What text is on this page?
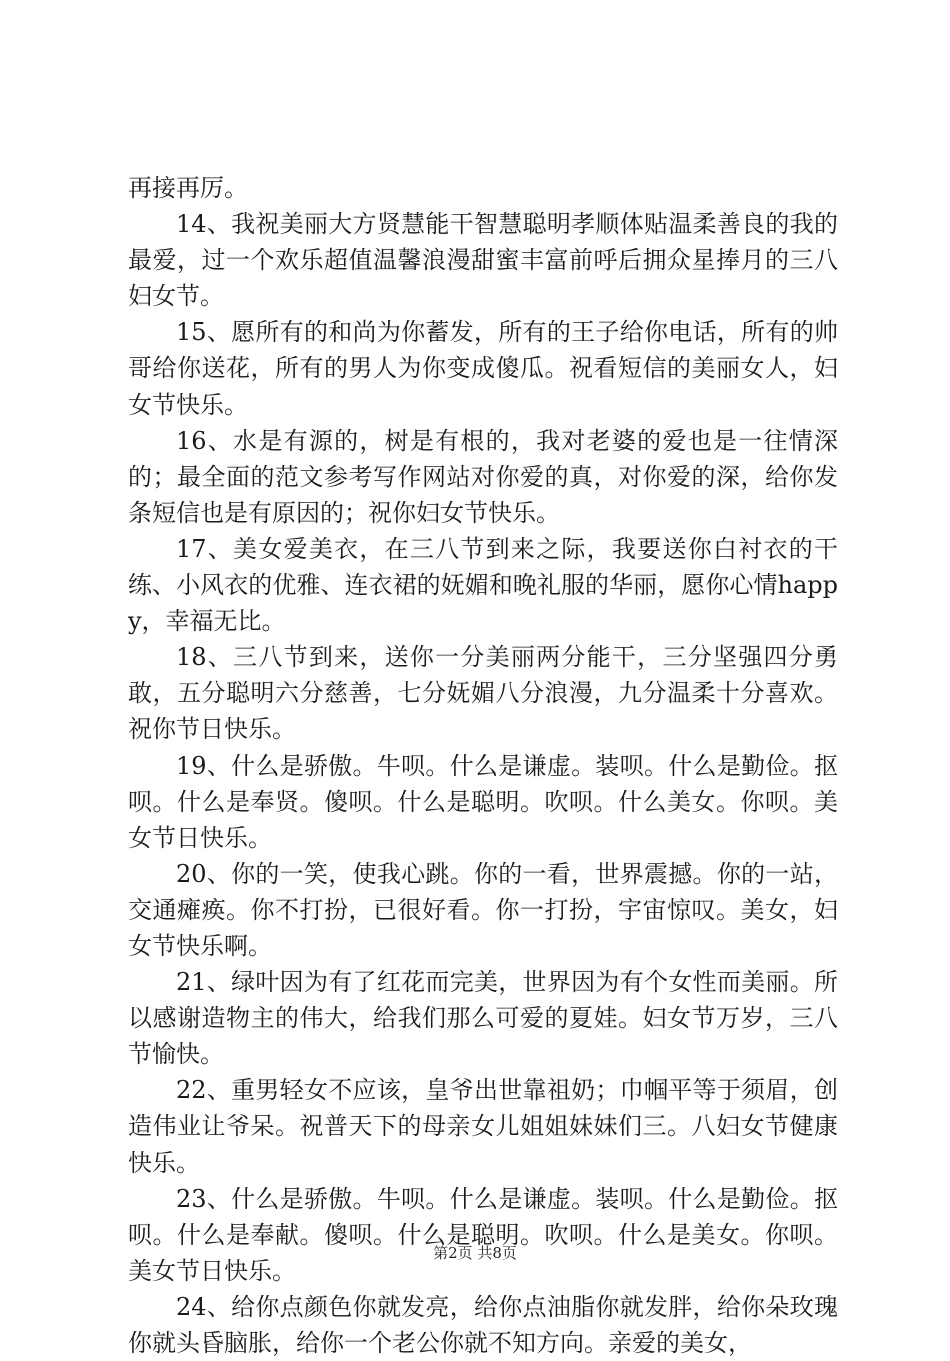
再接再厉。

14、我祝美丽大方贤慧能干智慧聪明孝顺体贴温柔善良的我的最爱，过一个欢乐超值温馨浪漫甜蜜丰富前呼后拥众星捧月的三八妇女节。

15、愿所有的和尚为你蓄发，所有的王子给你电话，所有的帅哥给你送花，所有的男人为你变成傻瓜。祝看短信的美丽女人，妇女节快乐。

16、水是有源的，树是有根的，我对老婆的爱也是一往情深的；最全面的范文参考写作网站对你爱的真，对你爱的深，给你发条短信也是有原因的；祝你妇女节快乐。

17、美女爱美衣，在三八节到来之际，我要送你白衬衣的干练、小风衣的优雅、连衣裙的妩媚和晚礼服的华丽，愿你心情happy，幸福无比。

18、三八节到来，送你一分美丽两分能干，三分坚强四分勇敢，五分聪明六分慈善，七分妩媚八分浪漫，九分温柔十分喜欢。祝你节日快乐。

19、什么是骄傲。牛呗。什么是谦虚。装呗。什么是勤俭。抠呗。什么是奉贤。傻呗。什么是聪明。吹呗。什么美女。你呗。美女节日快乐。

20、你的一笑，使我心跳。你的一看，世界震撼。你的一站，交通瘫痪。你不打扮，已很好看。你一打扮，宇宙惊叹。美女，妇女节快乐啊。

21、绿叶因为有了红花而完美，世界因为有个女性而美丽。所以感谢造物主的伟大，给我们那么可爱的夏娃。妇女节万岁，三八节愉快。

22、重男轻女不应该，皇爷出世靠祖奶；巾帼平等于须眉，创造伟业让爷呆。祝普天下的母亲女儿姐姐妹妹们三。八妇女节健康快乐。

23、什么是骄傲。牛呗。什么是谦虚。装呗。什么是勤俭。抠呗。什么是奉献。傻呗。什么是聪明。吹呗。什么是美女。你呗。美女节日快乐。

24、给你点颜色你就发亮，给你点油脂你就发胖，给你朵玫瑰你就头昏脑胀，给你一个老公你就不知方向。亲爱的美女，

第2页 共8页
